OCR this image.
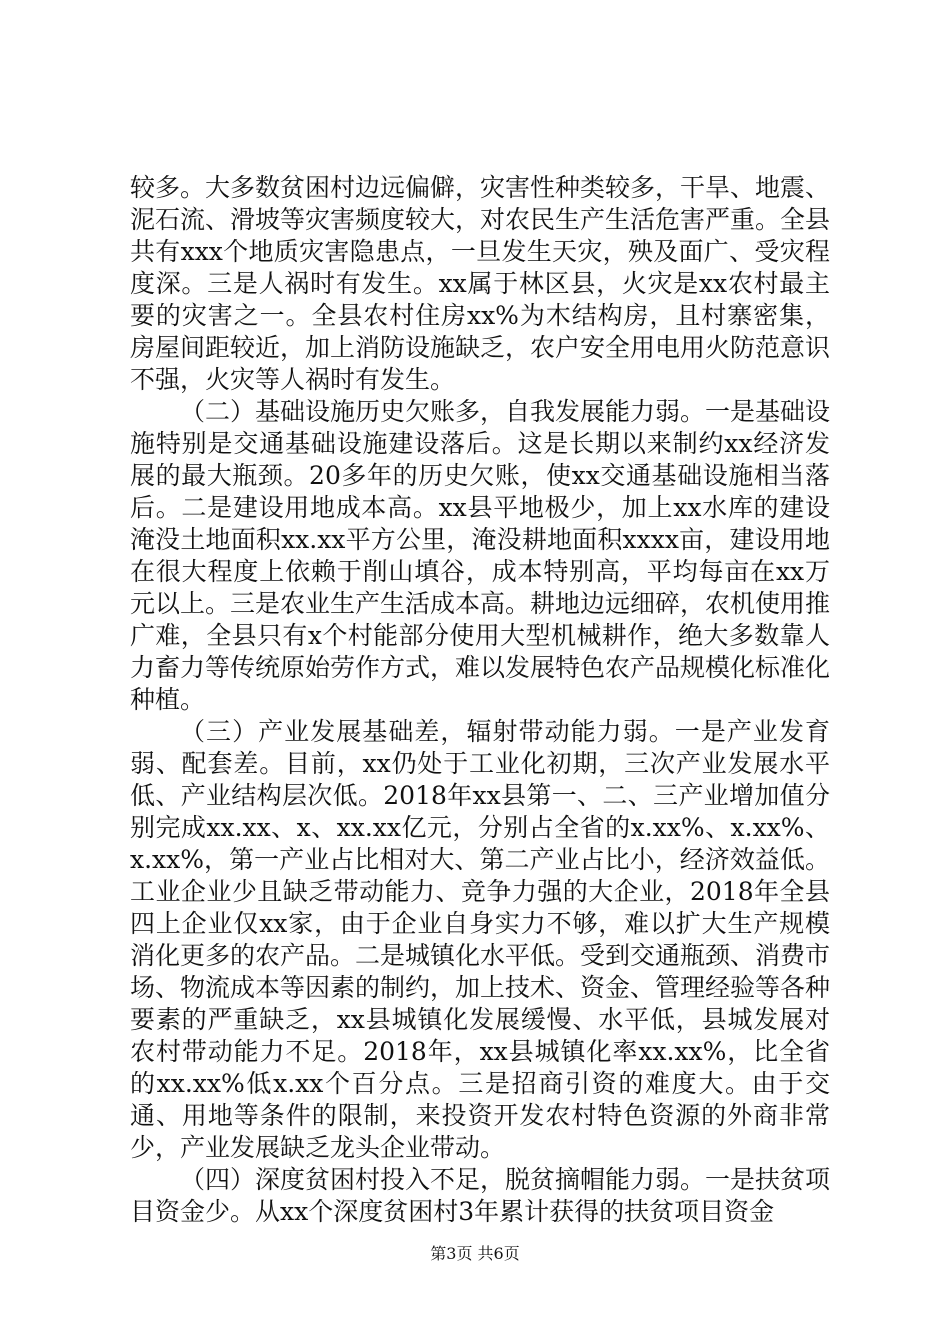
较多。大多数贫困村边远偏僻，灾害性种类较多，干旱、地震、泥石流、滑坡等灾害频度较大，对农民生产生活危害严重。全县共有xxx个地质灾害隐患点，一旦发生天灾，殃及面广、受灾程度深。三是人祸时有发生。xx属于林区县，火灾是xx农村最主要的灾害之一。全县农村住房xx%为木结构房，且村寨密集，房屋间距较近，加上消防设施缺乏，农户安全用电用火防范意识不强，火灾等人祸时有发生。

（二）基础设施历史欠账多，自我发展能力弱。一是基础设施特别是交通基础设施建设落后。这是长期以来制约xx经济发展的最大瓶颈。20多年的历史欠账，使xx交通基础设施相当落后。二是建设用地成本高。xx县平地极少，加上xx水库的建设淹没土地面积xx.xx平方公里，淹没耕地面积xxxx亩，建设用地在很大程度上依赖于削山填谷，成本特别高，平均每亩在xx万元以上。三是农业生产生活成本高。耕地边远细碎，农机使用推广难，全县只有x个村能部分使用大型机械耕作，绝大多数靠人力畜力等传统原始劳作方式，难以发展特色农产品规模化标准化种植。

（三）产业发展基础差，辐射带动能力弱。一是产业发育弱、配套差。目前，xx仍处于工业化初期，三次产业发展水平低、产业结构层次低。2018年xx县第一、二、三产业增加值分别完成xx.xx、x、xx.xx亿元，分别占全省的x.xx%、x.xx%、x.xx%，第一产业占比相对大、第二产业占比小，经济效益低。工业企业少且缺乏带动能力、竞争力强的大企业，2018年全县四上企业仅xx家，由于企业自身实力不够，难以扩大生产规模消化更多的农产品。二是城镇化水平低。受到交通瓶颈、消费市场、物流成本等因素的制约，加上技术、资金、管理经验等各种要素的严重缺乏，xx县城镇化发展缓慢、水平低，县城发展对农村带动能力不足。2018年，xx县城镇化率xx.xx%，比全省的xx.xx%低x.xx个百分点。三是招商引资的难度大。由于交通、用地等条件的限制，来投资开发农村特色资源的外商非常少，产业发展缺乏龙头企业带动。

（四）深度贫困村投入不足，脱贫摘帽能力弱。一是扶贫项目资金少。从xx个深度贫困村3年累计获得的扶贫项目资金

第3页 共6页
